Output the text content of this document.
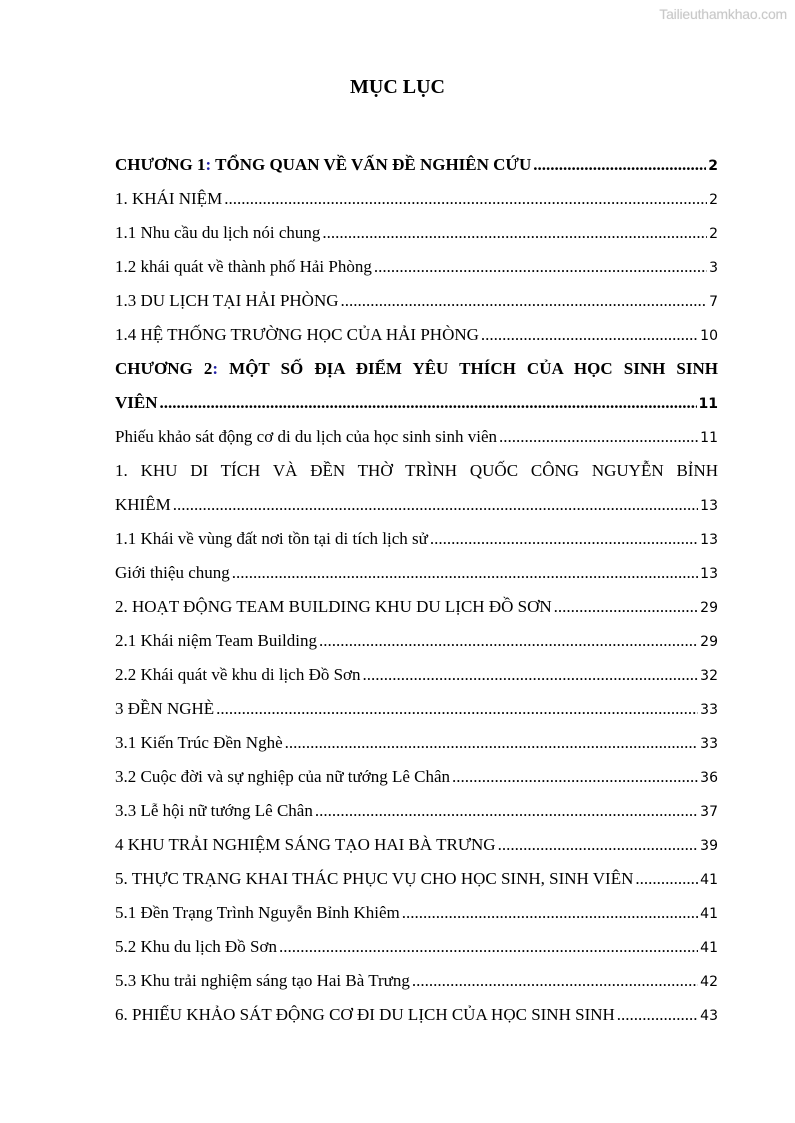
Tailieuthamkhao.com
MỤC LỤC
CHƯƠNG 1: TỔNG QUAN VỀ VẤN ĐỀ NGHIÊN CỨU .....	2
1. KHÁI NIỆM .....	2
1.1 Nhu cầu du lịch nói chung .....	2
1.2 khái quát về thành phố Hải Phòng .....	3
1.3 DU LỊCH TẠI HẢI PHÒNG .....	7
1.4 HỆ THỐNG TRƯỜNG HỌC CỦA HẢI PHÒNG .....	10
CHƯƠNG 2: MỘT SỐ ĐỊA ĐIỂM YÊU THÍCH CỦA HỌC SINH SINH
VIÊN .....	11
Phiếu khảo sát động cơ di du lịch của học sinh sinh viên .....	11
1. KHU DI TÍCH VÀ ĐỀN THỜ TRÌNH QUỐC CÔNG NGUYỄN BỈNH
KHIÊM .....	13
1.1 Khái về vùng đất nơi tồn tại di tích lịch sử .....	13
Giới thiệu chung .....	13
2. HOẠT ĐỘNG TEAM BUILDING KHU DU LỊCH ĐỒ SƠN .....	29
2.1 Khái niệm Team Building .....	29
2.2 Khái quát về khu di lịch Đồ Sơn .....	32
3 ĐỀN NGHÈ .....	33
3.1 Kiến Trúc Đền Nghè .....	33
3.2 Cuộc đời và sự nghiệp của nữ tướng Lê Chân .....	36
3.3 Lễ hội nữ tướng Lê Chân .....	37
4 KHU TRẢI NGHIỆM SÁNG TẠO HAI BÀ TRƯNG .....	39
5. THỰC TRẠNG KHAI THÁC PHỤC VỤ CHO HỌC SINH, SINH VIÊN .....	41
5.1 Đền Trạng Trình Nguyễn Bỉnh Khiêm .....	41
5.2 Khu du lịch Đồ Sơn .....	41
5.3 Khu trải nghiệm sáng tạo Hai Bà Trưng .....	42
6. PHIẾU KHẢO SÁT ĐỘNG CƠ ĐI DU LỊCH CỦA HỌC SINH SINH .....	43
